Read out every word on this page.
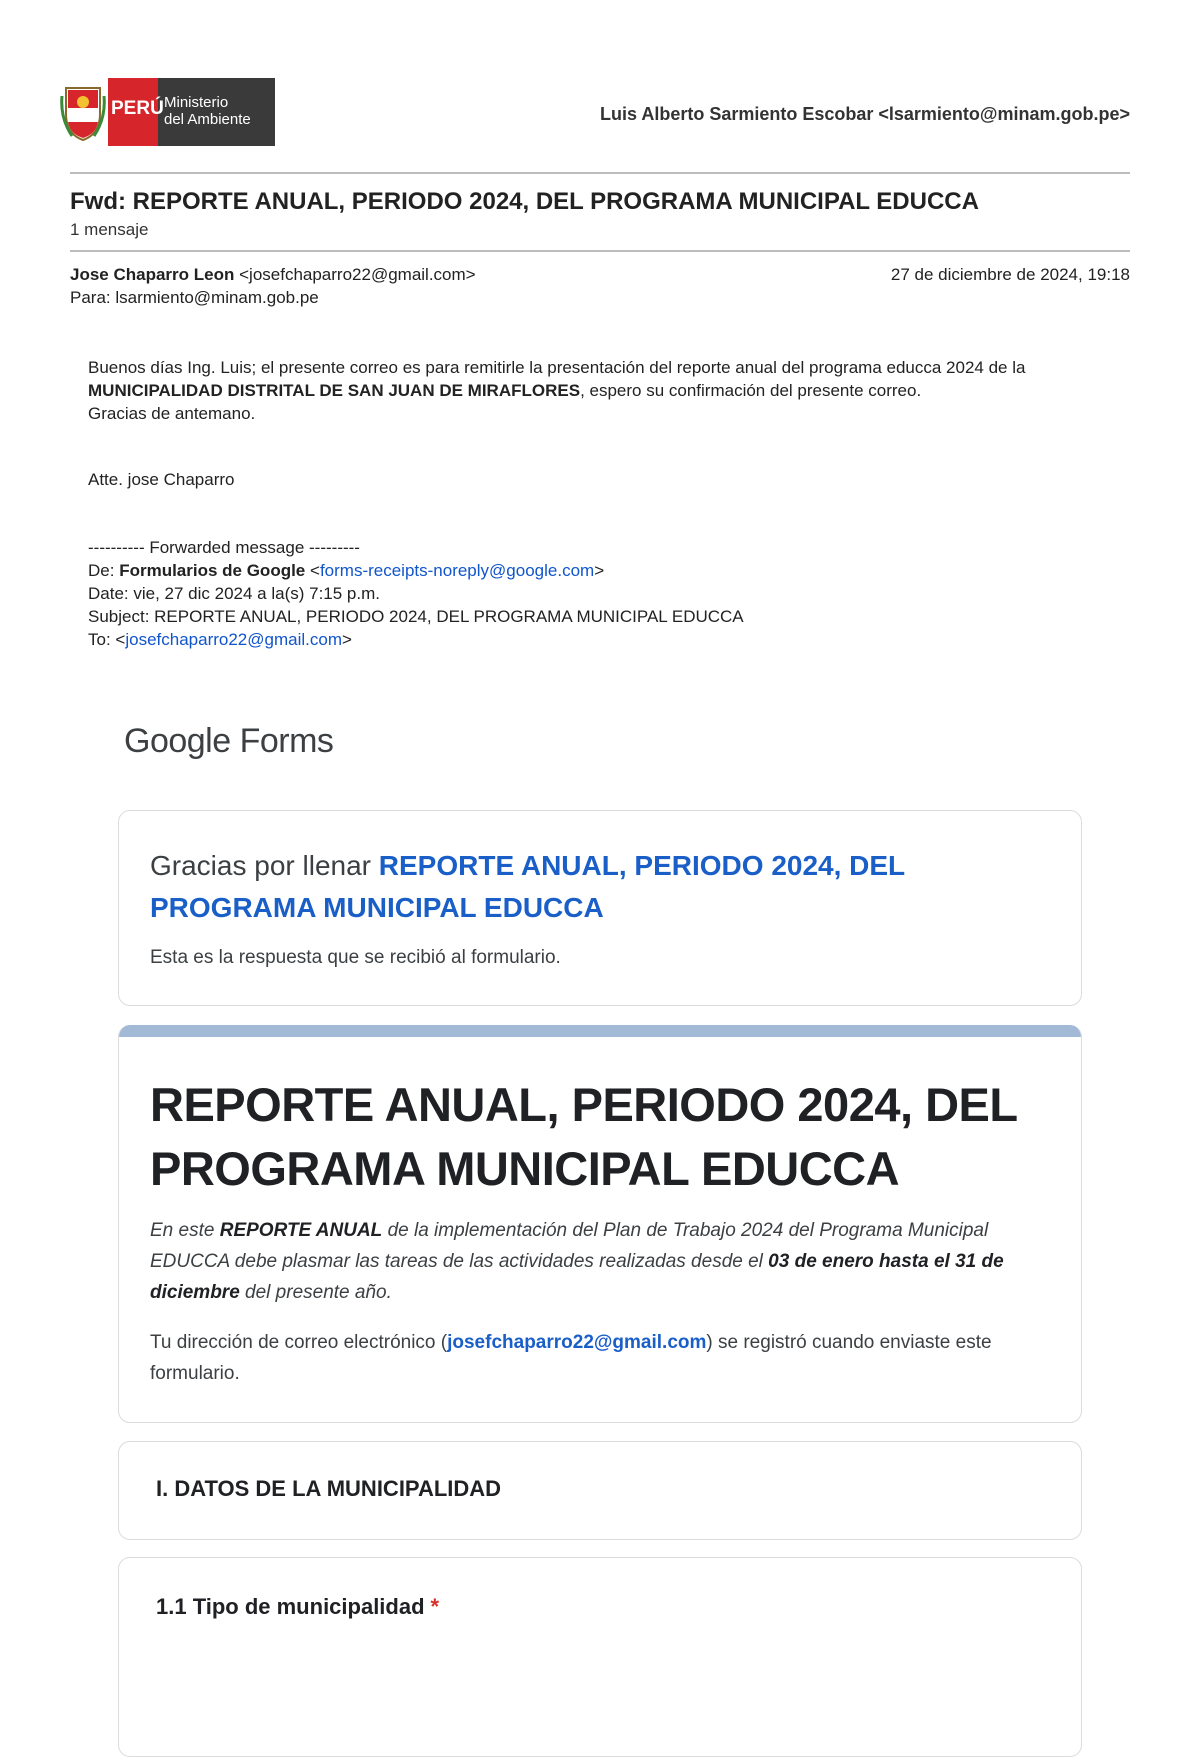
PERÚ Ministerio
del Ambiente	Luis Alberto Sarmiento Escobar <lsarmiento@minam.gob.pe>
Fwd: REPORTE ANUAL, PERIODO 2024, DEL PROGRAMA MUNICIPAL EDUCCA
1 mensaje
Jose Chaparro Leon <josefchaparro22@gmail.com>	27 de diciembre de 2024, 19:18
Para: lsarmiento@minam.gob.pe
Buenos días Ing. Luis; el presente correo es para remitirle la presentación del reporte anual del programa educca 2024 de la MUNICIPALIDAD DISTRITAL DE SAN JUAN DE MIRAFLORES, espero su confirmación del presente correo.
Gracias de antemano.
Atte. jose Chaparro
---------- Forwarded message ---------
De: Formularios de Google <forms-receipts-noreply@google.com>
Date: vie, 27 dic 2024 a la(s) 7:15 p.m.
Subject: REPORTE ANUAL, PERIODO 2024, DEL PROGRAMA MUNICIPAL EDUCCA
To: <josefchaparro22@gmail.com>
Google Forms
Gracias por llenar REPORTE ANUAL, PERIODO 2024, DEL PROGRAMA MUNICIPAL EDUCCA
Esta es la respuesta que se recibió al formulario.
REPORTE ANUAL, PERIODO 2024, DEL PROGRAMA MUNICIPAL EDUCCA
En este REPORTE ANUAL de la implementación del Plan de Trabajo 2024 del Programa Municipal EDUCCA debe plasmar las tareas de las actividades realizadas desde el 03 de enero hasta el 31 de diciembre del presente año.
Tu dirección de correo electrónico (josefchaparro22@gmail.com) se registró cuando enviaste este formulario.
I. DATOS DE LA MUNICIPALIDAD
1.1 Tipo de municipalidad *
